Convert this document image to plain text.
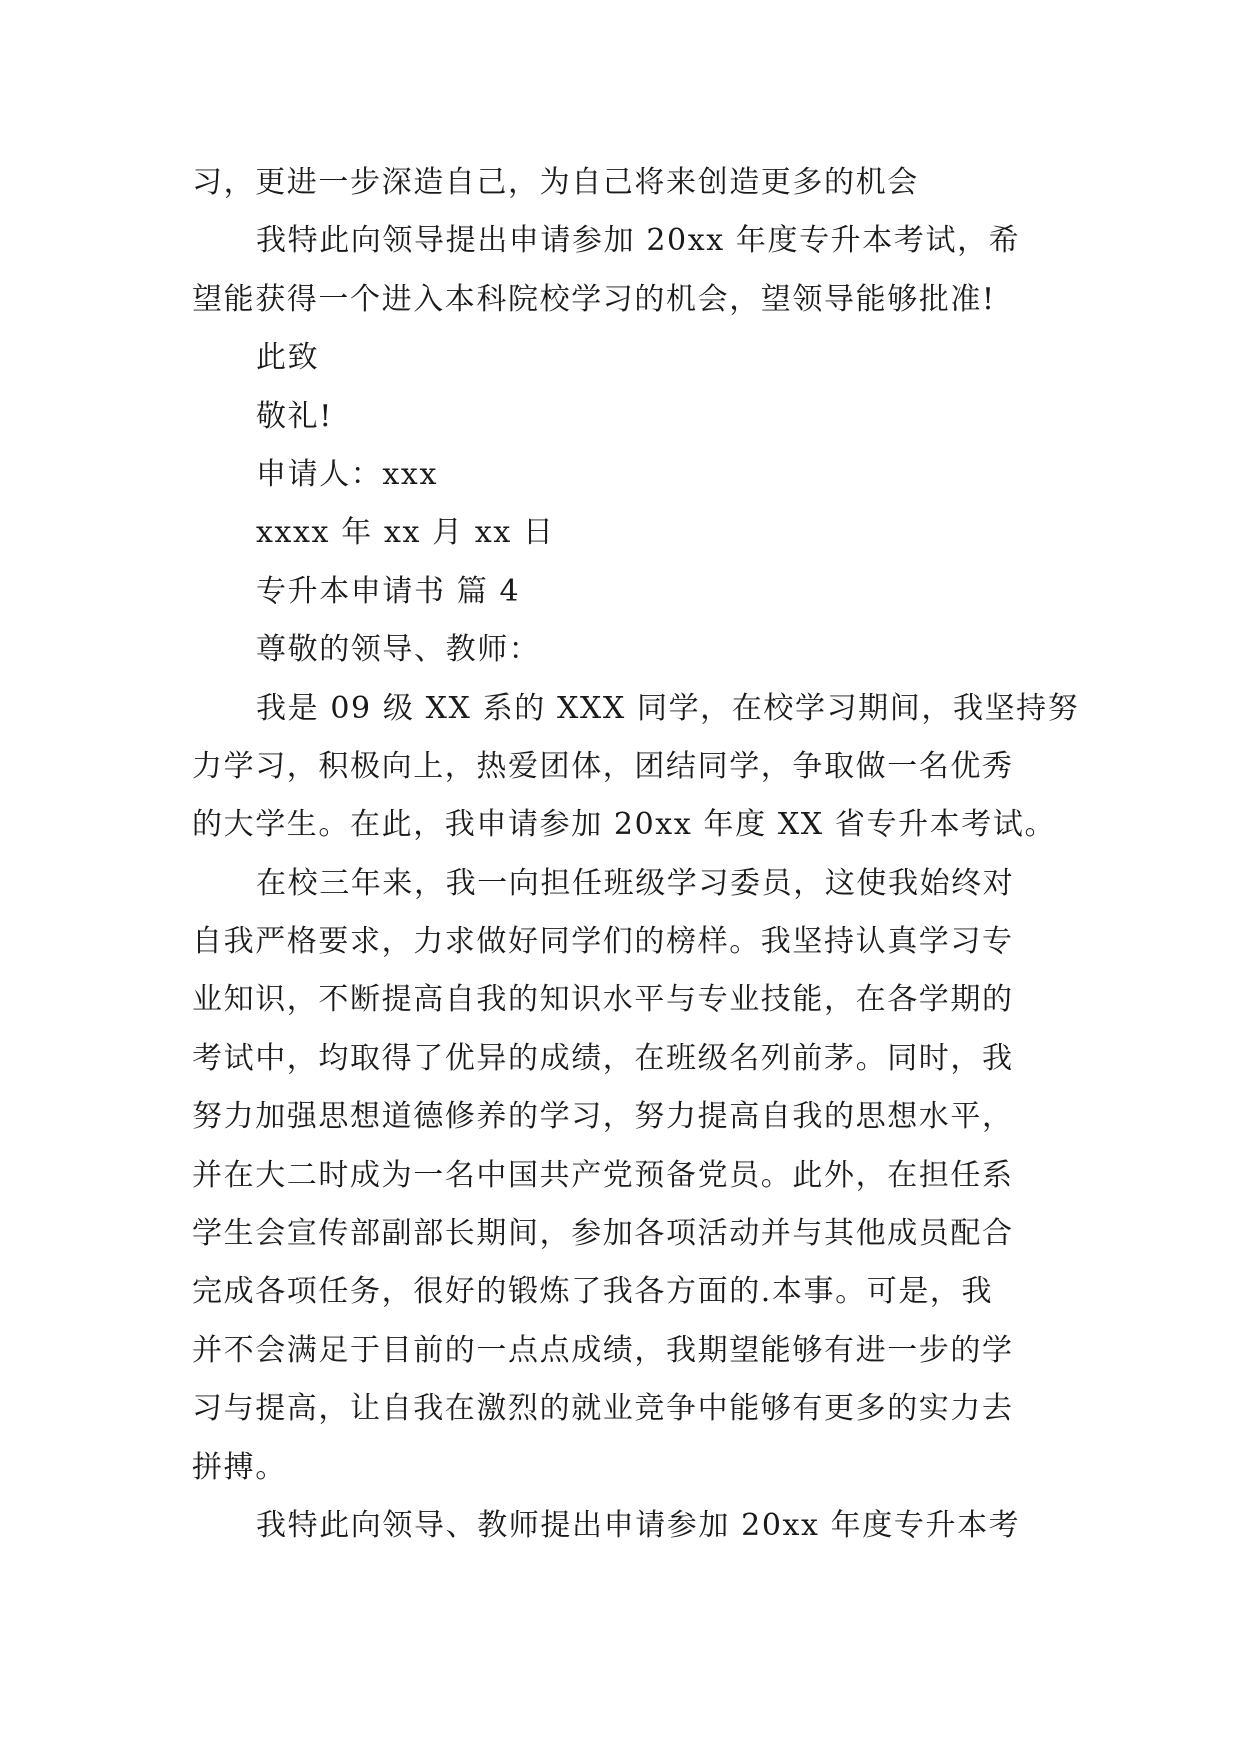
习，更进一步深造自己，为自己将来创造更多的机会
我特此向领导提出申请参加 20xx 年度专升本考试，希
望能获得一个进入本科院校学习的机会，望领导能够批准!
此致
敬礼!
申请人：xxx
xxxx 年 xx 月 xx 日
专升本申请书 篇 4
尊敬的领导、教师：
我是 09 级 XX 系的 XXX 同学，在校学习期间，我坚持努
力学习，积极向上，热爱团体，团结同学，争取做一名优秀
的大学生。在此，我申请参加 20xx 年度 XX 省专升本考试。
在校三年来，我一向担任班级学习委员，这使我始终对
自我严格要求，力求做好同学们的榜样。我坚持认真学习专
业知识，不断提高自我的知识水平与专业技能，在各学期的
考试中，均取得了优异的成绩，在班级名列前茅。同时，我
努力加强思想道德修养的学习，努力提高自我的思想水平，
并在大二时成为一名中国共产党预备党员。此外，在担任系
学生会宣传部副部长期间，参加各项活动并与其他成员配合
完成各项任务，很好的锻炼了我各方面的.本事。可是，我
并不会满足于目前的一点点成绩，我期望能够有进一步的学
习与提高，让自我在激烈的就业竞争中能够有更多的实力去
拼搏。
我特此向领导、教师提出申请参加 20xx 年度专升本考
